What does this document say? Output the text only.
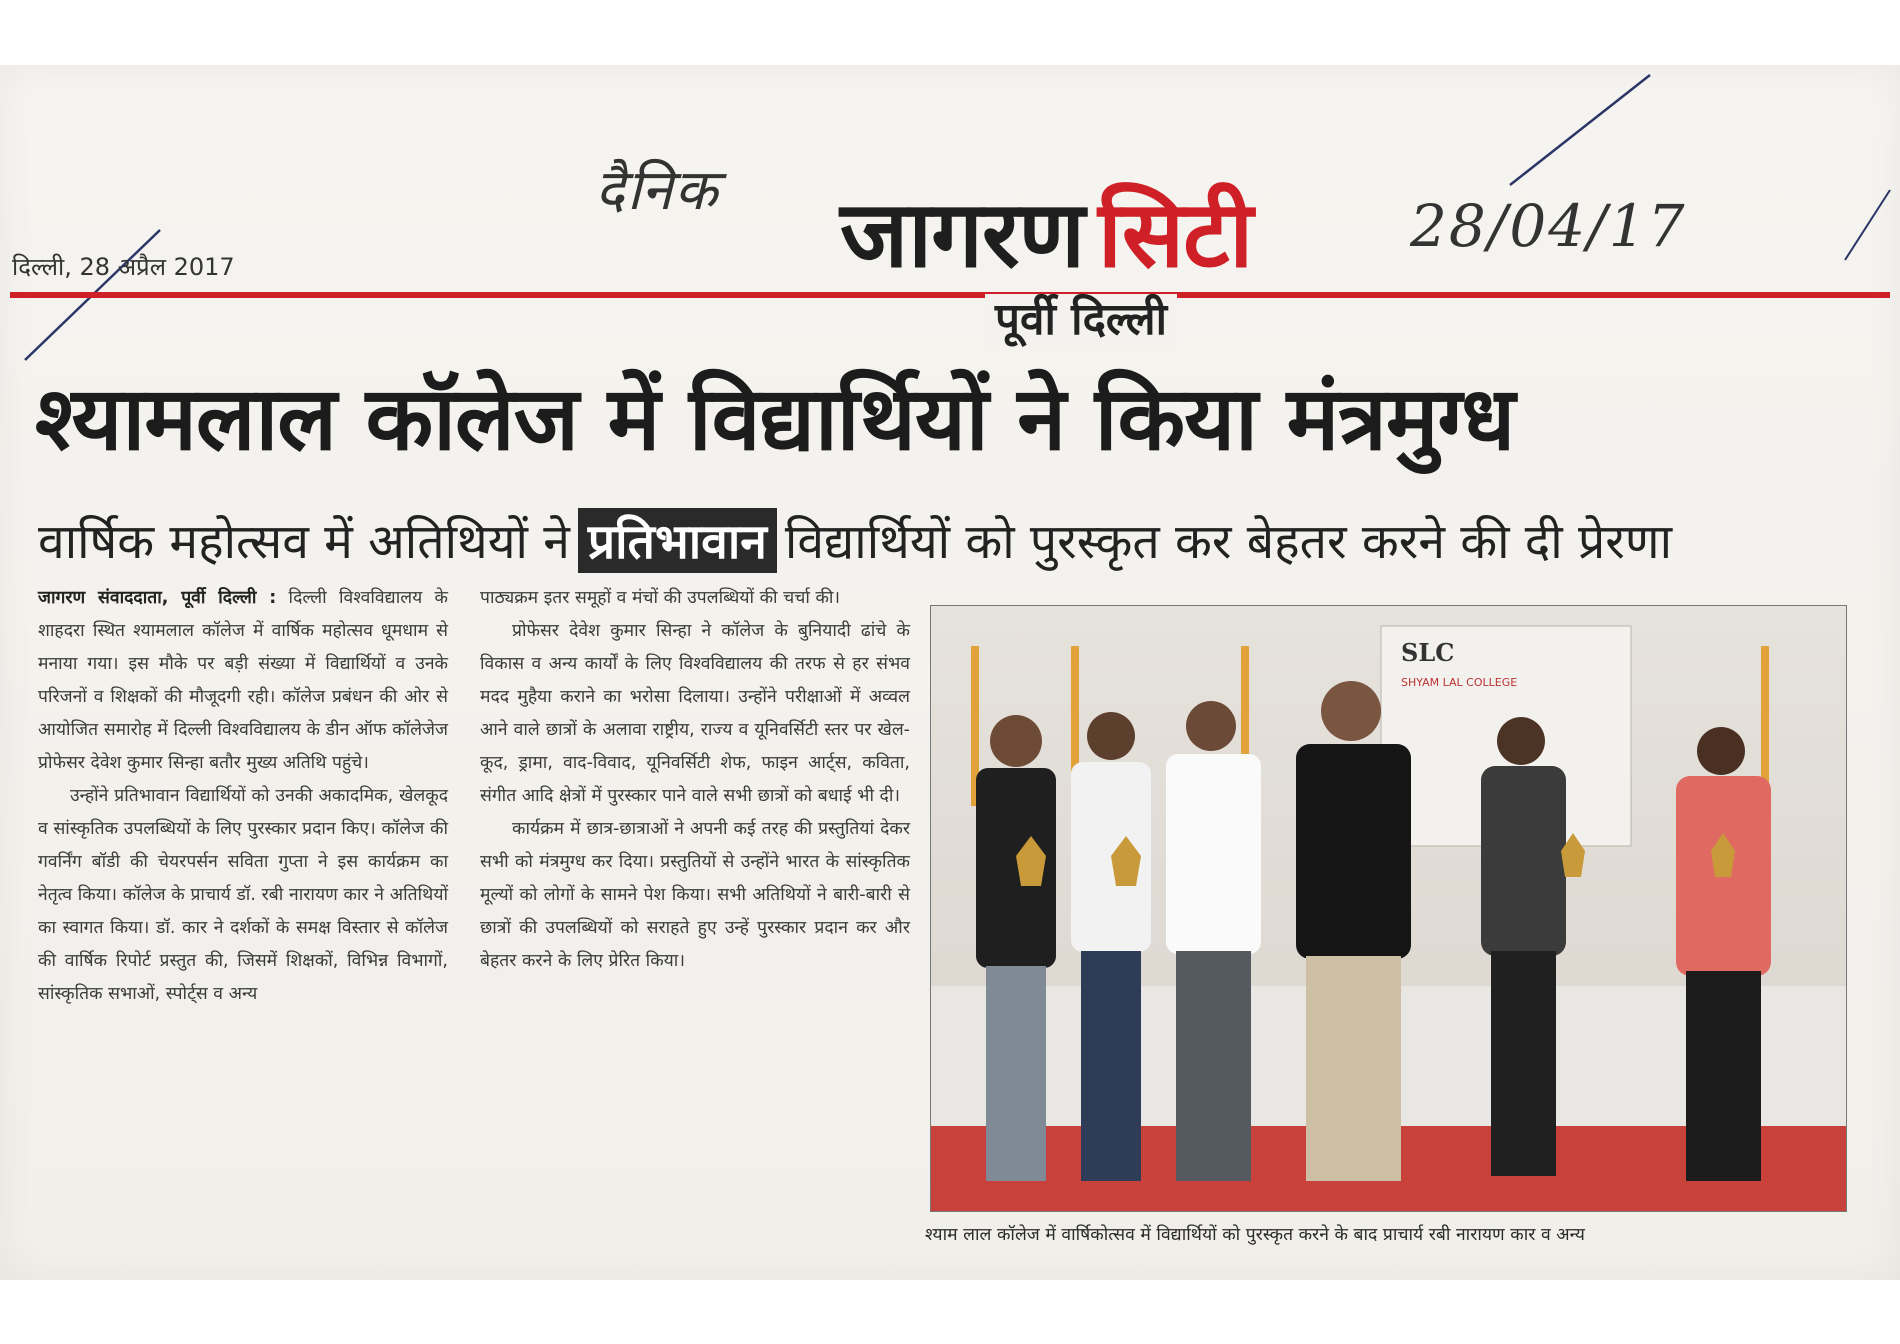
दैनिक
28/04/17
जागरण सिटी
दिल्ली, 28 अप्रैल 2017
पूर्वी दिल्ली
श्यामलाल कॉलेज में विद्यार्थियों ने किया मंत्रमुग्ध
वार्षिक महोत्सव में अतिथियों ने प्रतिभावान विद्यार्थियों को पुरस्कृत कर बेहतर करने की दी प्रेरणा

जागरण संवाददाता, पूर्वी दिल्ली : दिल्ली विश्वविद्यालय के शाहदरा स्थित श्यामलाल कॉलेज में वार्षिक महोत्सव धूमधाम से मनाया गया। इस मौके पर बड़ी संख्या में विद्यार्थियों व उनके परिजनों व शिक्षकों की मौजूदगी रही। कॉलेज प्रबंधन की ओर से आयोजित समारोह में दिल्ली विश्वविद्यालय के डीन ऑफ कॉलेजेज प्रोफेसर देवेश कुमार सिन्हा बतौर मुख्य अतिथि पहुंचे।

उन्होंने प्रतिभावान विद्यार्थियों को उनकी अकादमिक, खेलकूद व सांस्कृतिक उपलब्धियों के लिए पुरस्कार प्रदान किए। कॉलेज की गवर्निंग बॉडी की चेयरपर्सन सविता गुप्ता ने इस कार्यक्रम का नेतृत्व किया। कॉलेज के प्राचार्य डॉ. रबी नारायण कार ने अतिथियों का स्वागत किया। डॉ. कार ने दर्शकों के समक्ष विस्तार से कॉलेज की वार्षिक रिपोर्ट प्रस्तुत की, जिसमें शिक्षकों, विभिन्न विभागों, सांस्कृतिक सभाओं, स्पोर्ट्स व अन्य

पाठ्यक्रम इतर समूहों व मंचों की उपलब्धियों की चर्चा की।

प्रोफेसर देवेश कुमार सिन्हा ने कॉलेज के बुनियादी ढांचे के विकास व अन्य कार्यों के लिए विश्वविद्यालय की तरफ से हर संभव मदद मुहैया कराने का भरोसा दिलाया। उन्होंने परीक्षाओं में अव्वल आने वाले छात्रों के अलावा राष्ट्रीय, राज्य व यूनिवर्सिटी स्तर पर खेल-कूद, ड्रामा, वाद-विवाद, यूनिवर्सिटी शेफ, फाइन आर्ट्स, कविता, संगीत आदि क्षेत्रों में पुरस्कार पाने वाले सभी छात्रों को बधाई भी दी।

कार्यक्रम में छात्र-छात्राओं ने अपनी कई तरह की प्रस्तुतियां देकर सभी को मंत्रमुग्ध कर दिया। प्रस्तुतियों से उन्होंने भारत के सांस्कृतिक मूल्यों को लोगों के सामने पेश किया। सभी अतिथियों ने बारी-बारी से छात्रों की उपलब्धियों को सराहते हुए उन्हें पुरस्कार प्रदान कर और बेहतर करने के लिए प्रेरित किया।

SLC
SHYAM LAL COLLEGE
श्याम लाल कॉलेज में वार्षिकोत्सव में विद्यार्थियों को पुरस्कृत करने के बाद प्राचार्य रबी नारायण कार व अन्य
